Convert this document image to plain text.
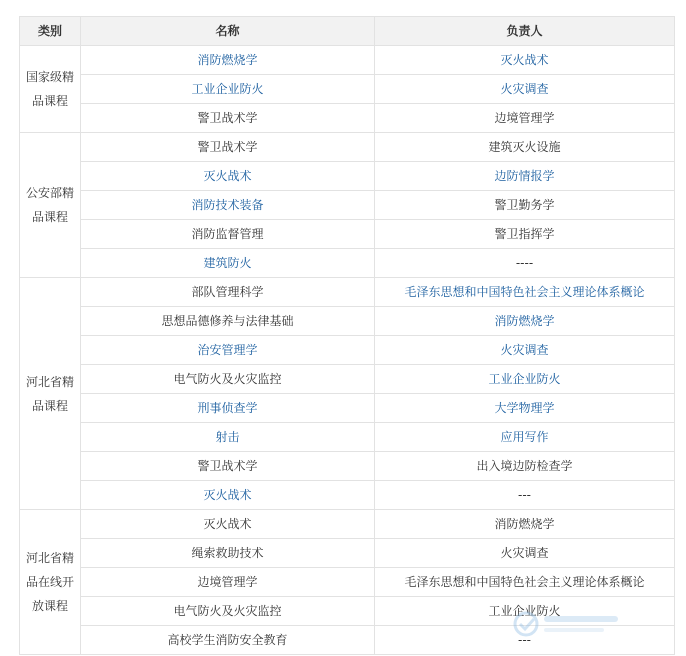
类别	名称	负责人
国家级精品课程	消防燃烧学	灭火战术
	工业企业防火	火灾调查
	警卫战术学	边境管理学
公安部精品课程	警卫战术学	建筑灭火设施
	灭火战术	边防情报学
	消防技术装备	警卫勤务学
	消防监督管理	警卫指挥学
	建筑防火	----
河北省精品课程	部队管理科学	毛泽东思想和中国特色社会主义理论体系概论
	思想品德修养与法律基础	消防燃烧学
	治安管理学	火灾调查
	电气防火及火灾监控	工业企业防火
	刑事侦查学	大学物理学
	射击	应用写作
	警卫战术学	出入境边防检查学
	灭火战术	---
河北省精品在线开放课程	灭火战术	消防燃烧学
	绳索救助技术	火灾调查
	边境管理学	毛泽东思想和中国特色社会主义理论体系概论
	电气防火及火灾监控	工业企业防火
	高校学生消防安全教育	---
